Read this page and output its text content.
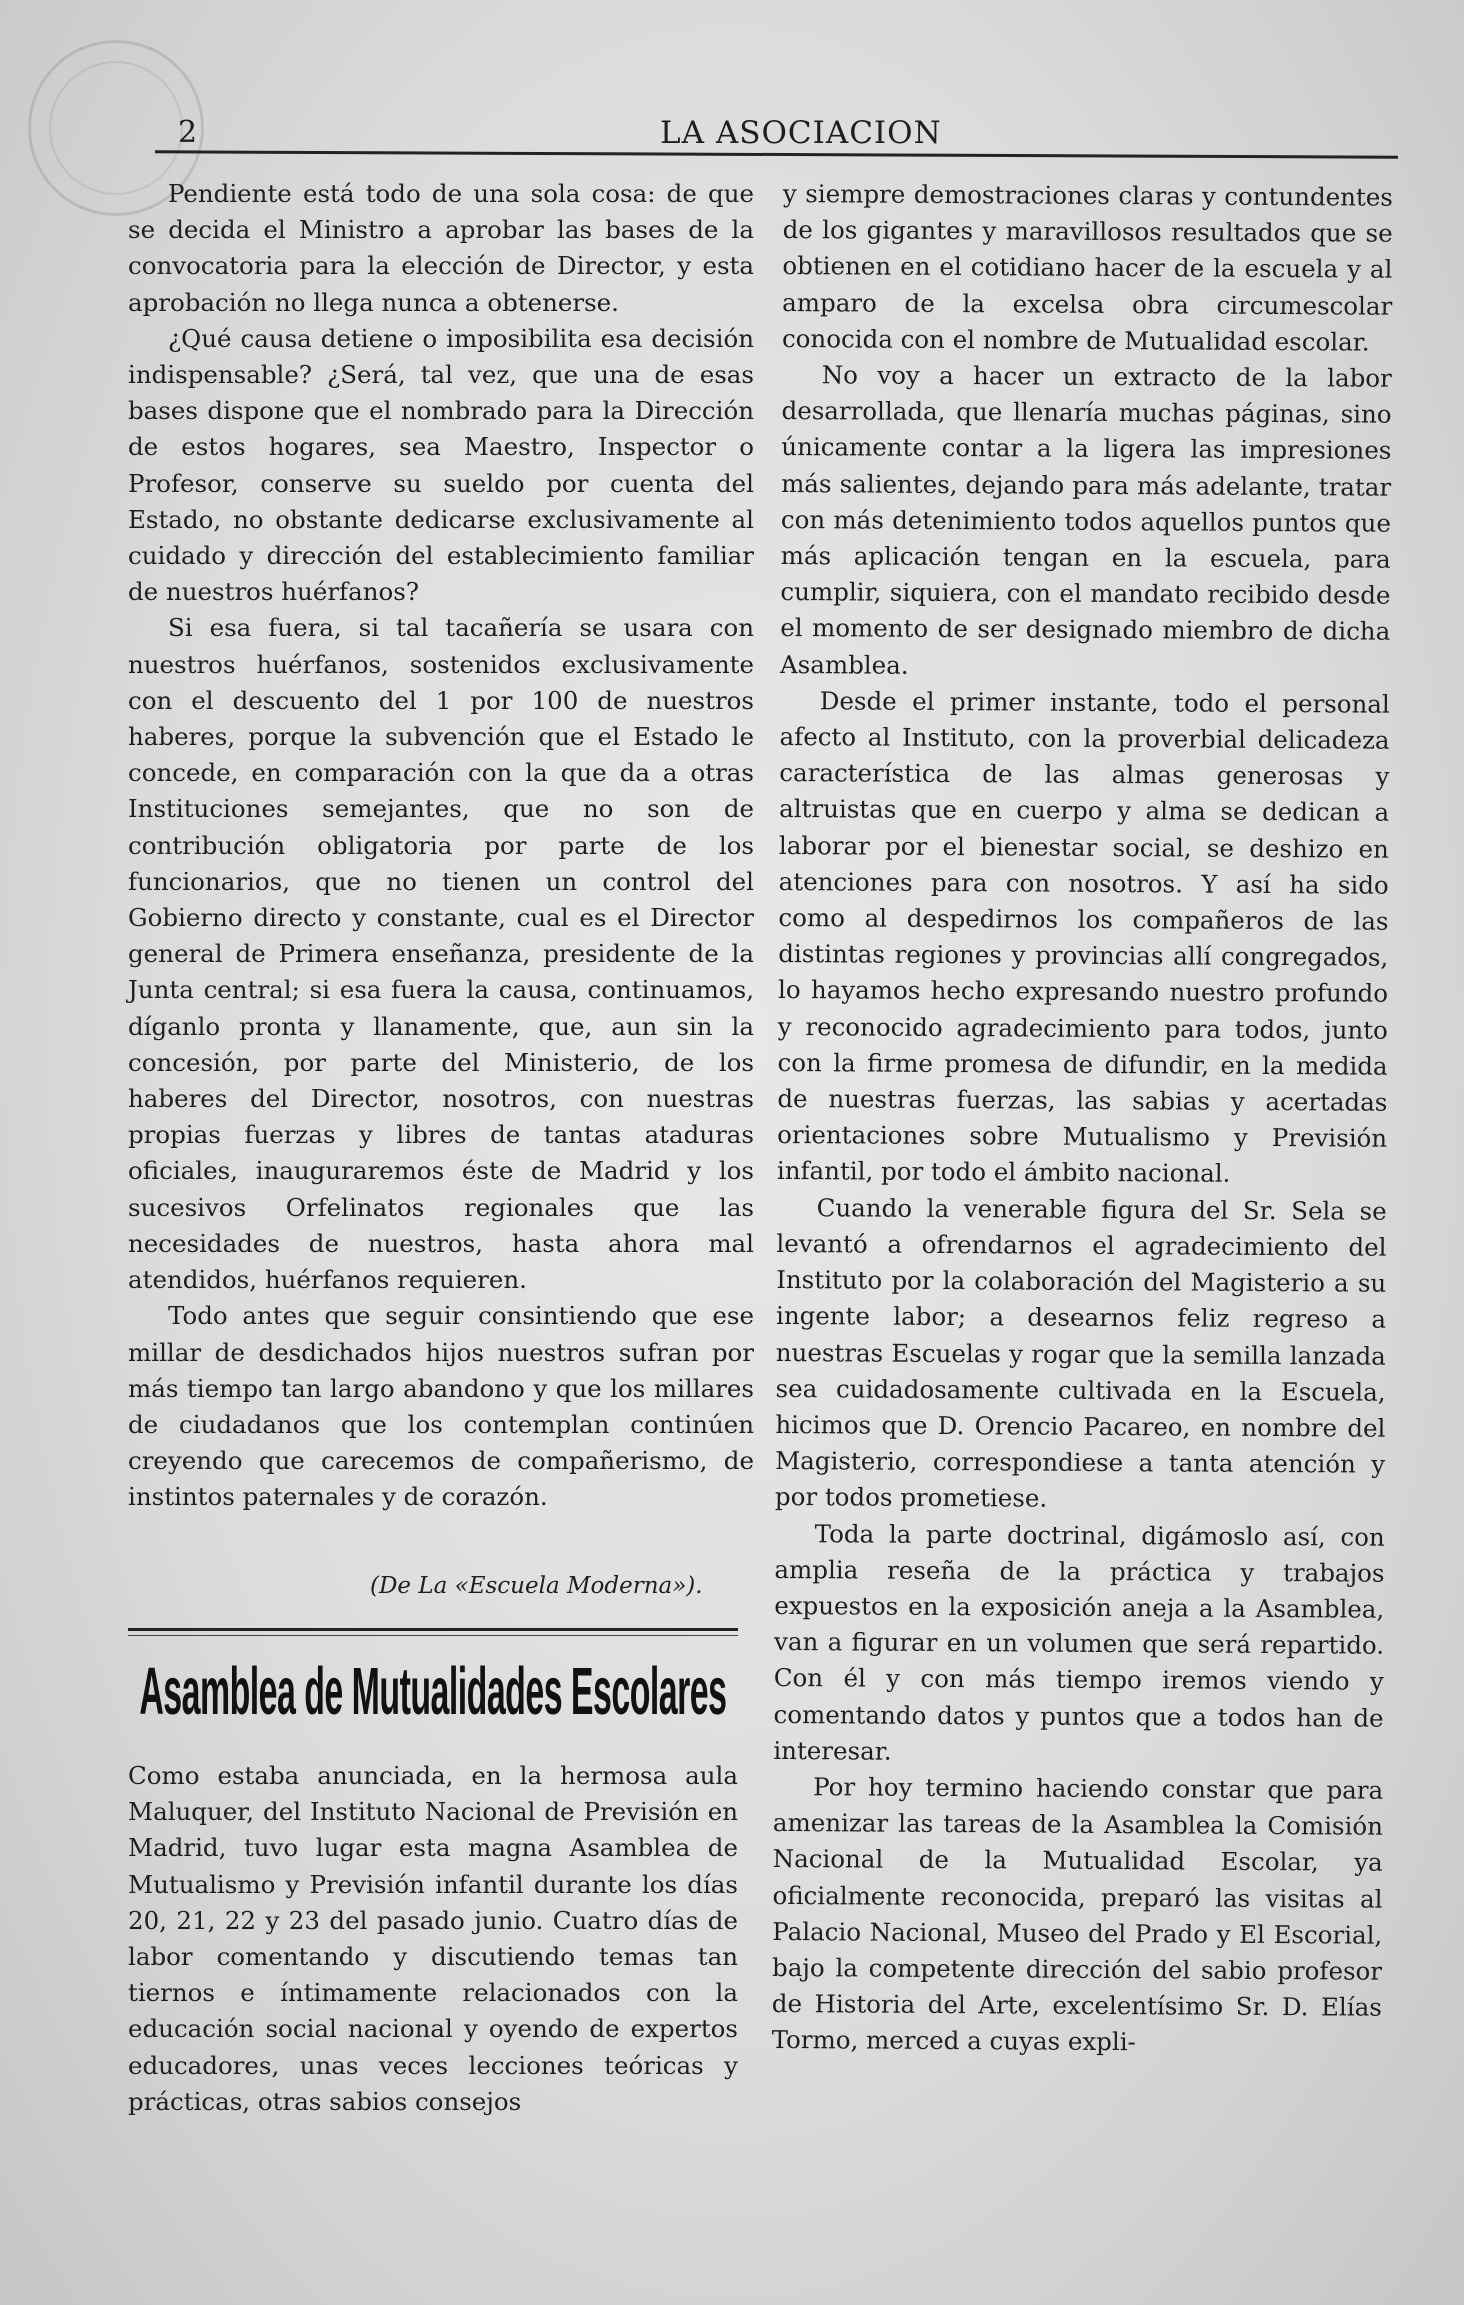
2	LA ASOCIACION

Pendiente está todo de una sola cosa: de que se decida el Ministro a aprobar las bases de la convocatoria para la elección de Director, y esta aprobación no llega nunca a obtenerse.

¿Qué causa detiene o imposibilita esa decisión indispensable? ¿Será, tal vez, que una de esas bases dispone que el nombrado para la Dirección de estos hogares, sea Maestro, Inspector o Profesor, conserve su sueldo por cuenta del Estado, no obstante dedicarse exclusivamente al cuidado y dirección del establecimiento familiar de nuestros huérfanos?

Si esa fuera, si tal tacañería se usara con nuestros huérfanos, sostenidos exclusivamente con el descuento del 1 por 100 de nuestros haberes, porque la subvención que el Estado le concede, en comparación con la que da a otras Instituciones semejantes, que no son de contribución obligatoria por parte de los funcionarios, que no tienen un control del Gobierno directo y constante, cual es el Director general de Primera enseñanza, presidente de la Junta central; si esa fuera la causa, continuamos, díganlo pronta y llanamente, que, aun sin la concesión, por parte del Ministerio, de los haberes del Director, nosotros, con nuestras propias fuerzas y libres de tantas ataduras oficiales, inauguraremos éste de Madrid y los sucesivos Orfelinatos regionales que las necesidades de nuestros, hasta ahora mal atendidos, huérfanos requieren.

Todo antes que seguir consintiendo que ese millar de desdichados hijos nuestros sufran por más tiempo tan largo abandono y que los millares de ciudadanos que los contemplan continúen creyendo que carecemos de compañerismo, de instintos paternales y de corazón.

(De La «Escuela Moderna»).
Asamblea de Mutualidades Escolares

Como estaba anunciada, en la hermosa aula Maluquer, del Instituto Nacional de Previsión en Madrid, tuvo lugar esta magna Asamblea de Mutualismo y Previsión infantil durante los días 20, 21, 22 y 23 del pasado junio. Cuatro días de labor comentando y discutiendo temas tan tiernos e íntimamente relacionados con la educación social nacional y oyendo de expertos educadores, unas veces lecciones teóricas y prácticas, otras sabios consejos

y siempre demostraciones claras y contundentes de los gigantes y maravillosos resultados que se obtienen en el cotidiano hacer de la escuela y al amparo de la excelsa obra circumescolar conocida con el nombre de Mutualidad escolar.

No voy a hacer un extracto de la labor desarrollada, que llenaría muchas páginas, sino únicamente contar a la ligera las impresiones más salientes, dejando para más adelante, tratar con más detenimiento todos aquellos puntos que más aplicación tengan en la escuela, para cumplir, siquiera, con el mandato recibido desde el momento de ser designado miembro de dicha Asamblea.

Desde el primer instante, todo el personal afecto al Instituto, con la proverbial delicadeza característica de las almas generosas y altruistas que en cuerpo y alma se dedican a laborar por el bienestar social, se deshizo en atenciones para con nosotros. Y así ha sido como al despedirnos los compañeros de las distintas regiones y provincias allí congregados, lo hayamos hecho expresando nuestro profundo y reconocido agradecimiento para todos, junto con la firme promesa de difundir, en la medida de nuestras fuerzas, las sabias y acertadas orientaciones sobre Mutualismo y Previsión infantil, por todo el ámbito nacional.

Cuando la venerable figura del Sr. Sela se levantó a ofrendarnos el agradecimiento del Instituto por la colaboración del Magisterio a su ingente labor; a desearnos feliz regreso a nuestras Escuelas y rogar que la semilla lanzada sea cuidadosamente cultivada en la Escuela, hicimos que D. Orencio Pacareo, en nombre del Magisterio, correspondiese a tanta atención y por todos prometiese.

Toda la parte doctrinal, digámoslo así, con amplia reseña de la práctica y trabajos expuestos en la exposición aneja a la Asamblea, van a figurar en un volumen que será repartido. Con él y con más tiempo iremos viendo y comentando datos y puntos que a todos han de interesar.

Por hoy termino haciendo constar que para amenizar las tareas de la Asamblea la Comisión Nacional de la Mutualidad Escolar, ya oficialmente reconocida, preparó las visitas al Palacio Nacional, Museo del Prado y El Escorial, bajo la competente dirección del sabio profesor de Historia del Arte, excelentísimo Sr. D. Elías Tormo, merced a cuyas expli-
